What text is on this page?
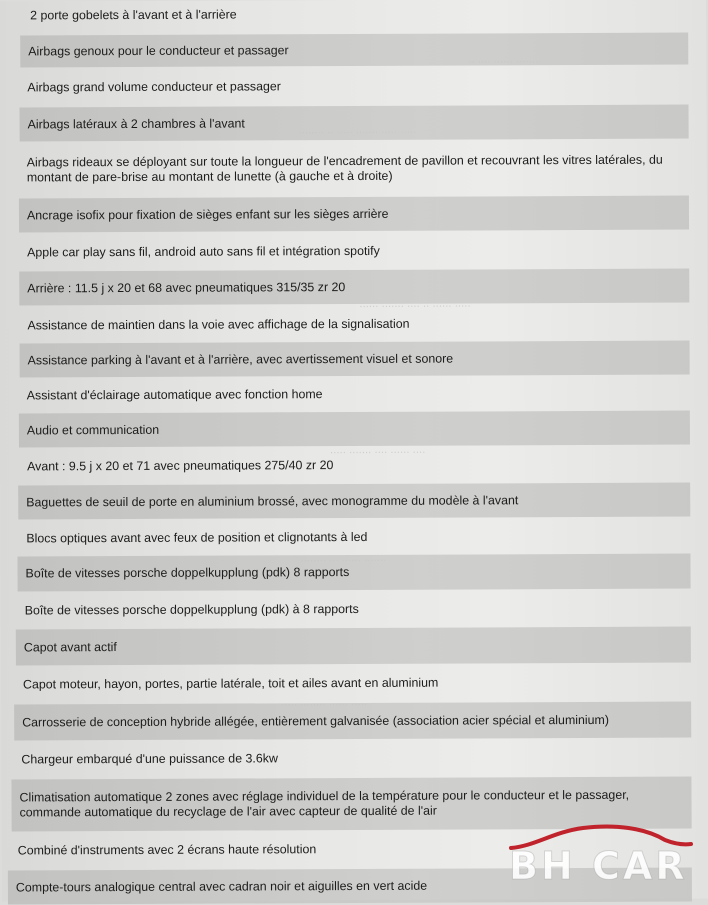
······ ······· ···· ·· ······ ·····
····· ······· ···· ······ ····
2 porte gobelets à l'avant et à l'arrière
Airbags genoux pour le conducteur et passager
Airbags grand volume conducteur et passager
Airbags latéraux à 2 chambres à l'avant
Airbags rideaux se déployant sur toute la longueur de l'encadrement de pavillon et recouvrant les vitres latérales, du montant de pare-brise au montant de lunette (à gauche et à droite)
Ancrage isofix pour fixation de sièges enfant sur les sièges arrière
Apple car play sans fil, android auto sans fil et intégration spotify
Arrière : 11.5 j x 20 et 68 avec pneumatiques 315/35 zr 20
Assistance de maintien dans la voie avec affichage de la signalisation
Assistance parking à l'avant et à l'arrière, avec avertissement visuel et sonore
Assistant d'éclairage automatique avec fonction home
Audio et communication
Avant : 9.5 j x 20 et 71 avec pneumatiques 275/40 zr 20
Baguettes de seuil de porte en aluminium brossé, avec monogramme du modèle à l'avant
Blocs optiques avant avec feux de position et clignotants à led
Boîte de vitesses porsche doppelkupplung (pdk) 8 rapports
Boîte de vitesses porsche doppelkupplung (pdk) à 8 rapports
Capot avant actif
Capot moteur, hayon, portes, partie latérale, toit et ailes avant en aluminium
Carrosserie de conception hybride allégée, entièrement galvanisée (association acier spécial et aluminium)
Chargeur embarqué d'une puissance de 3.6kw
Climatisation automatique 2 zones avec réglage individuel de la température pour le conducteur et le passager, commande automatique du recyclage de l'air avec capteur de qualité de l'air
Combiné d'instruments avec 2 écrans haute résolution
Compte-tours analogique central avec cadran noir et aiguilles en vert acide BH CAR
